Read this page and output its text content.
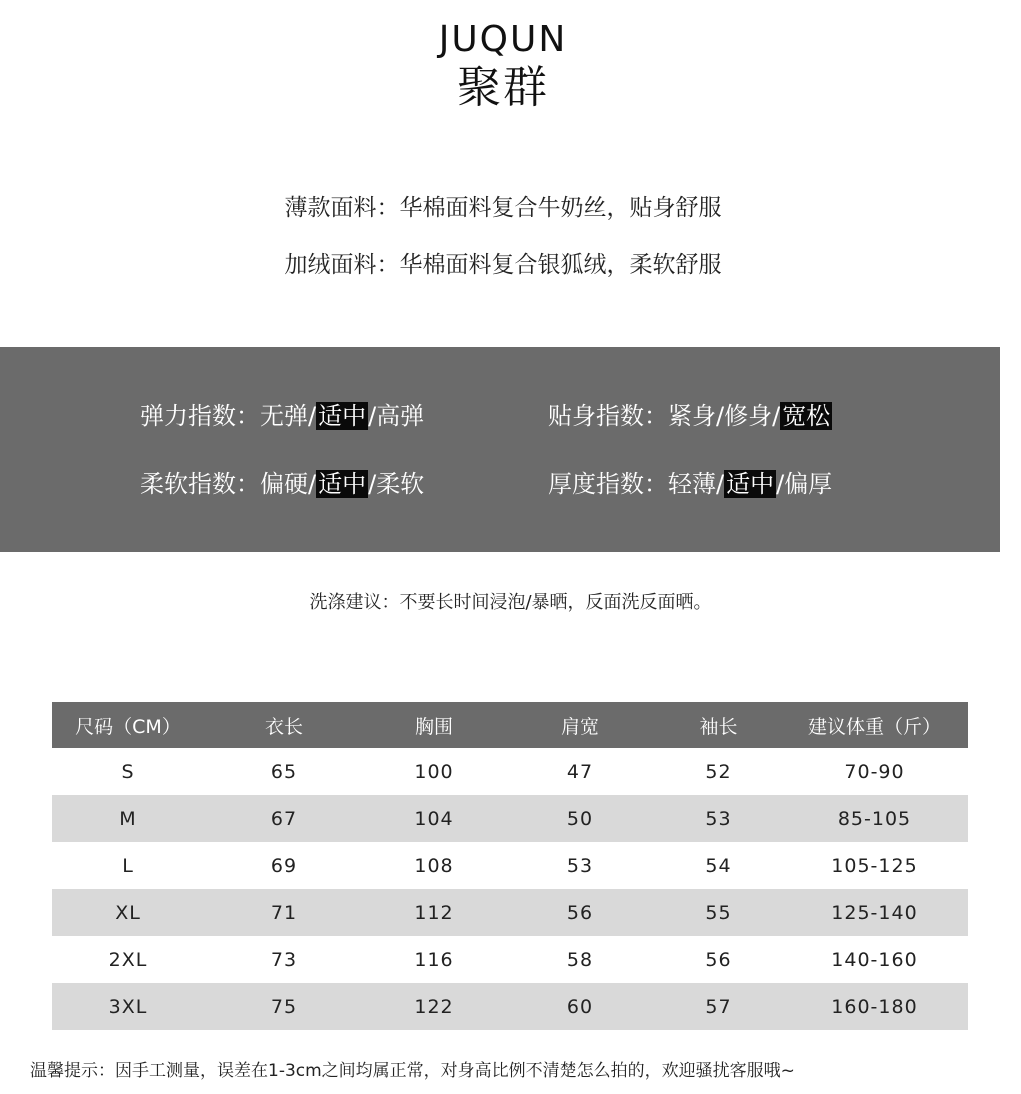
JUQUN
聚群
薄款面料：华棉面料复合牛奶丝，贴身舒服
加绒面料：华棉面料复合银狐绒，柔软舒服
弹力指数：无弹/适中/高弹	贴身指数：紧身/修身/宽松
柔软指数：偏硬/适中/柔软	厚度指数：轻薄/适中/偏厚
洗涤建议：不要长时间浸泡/暴晒，反面洗反面晒。
尺码（CM）	衣长	胸围	肩宽	袖长	建议体重（斤）
S	65	100	47	52	70-90
M	67	104	50	53	85-105
L	69	108	53	54	105-125
XL	71	112	56	55	125-140
2XL	73	116	58	56	140-160
3XL	75	122	60	57	160-180
温馨提示：因手工测量，误差在1-3cm之间均属正常，对身高比例不清楚怎么拍的，欢迎骚扰客服哦~
